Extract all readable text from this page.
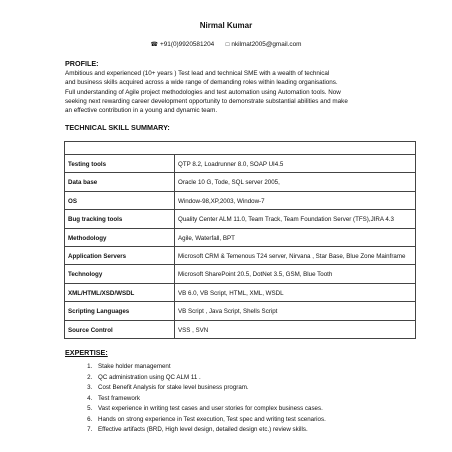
Nirmal Kumar
☎ +91(0)9920581204 □ nkilmat2005@gmail.com
PROFILE:

Ambitious and experienced (10+ years ) Test lead and technical SME with a wealth of technical

and business skills acquired across a wide range of demanding roles within leading organisations.

Full understanding of Agile project methodologies and test automation using Automation tools. Now

seeking next rewarding career development opportunity to demonstrate substantial abilities and make

an effective contribution in a young and dynamic team.

TECHNICAL SKILL SUMMARY:

Testing tools	QTP 8.2, Loadrunner 8.0, SOAP UI4.5
Data base	Oracle 10 G, Tode, SQL server 2005,
OS	Window-98,XP,2003, Window-7
Bug tracking tools	Quality Center ALM 11.0, Team Track, Team Foundation Server (TFS),JIRA 4.3
Methodology	Agile, Waterfall, BPT
Application Servers	Microsoft CRM & Temenous T24 server, Nirvana , Star Base, Blue Zone Mainframe
Technology	Microsoft SharePoint 20.5, DotNet 3.5, GSM, Blue Tooth
XML/HTML/XSD/WSDL	VB 6.0, VB Script, HTML, XML, WSDL
Scripting Languages	VB Script , Java Script, Shells Script
Source Control	VSS , SVN
EXPERTISE:
1. Stake holder management
2. QC administration using QC ALM 11 .
3. Cost Benefit Analysis for stake level business program.
4. Test framework
5. Vast experience in writing test cases and user stories for complex business cases.
6. Hands on strong experience in Test execution, Test spec and writing test scenarios.
7. Effective artifacts (BRD, High level design, detailed design etc.) review skills.
